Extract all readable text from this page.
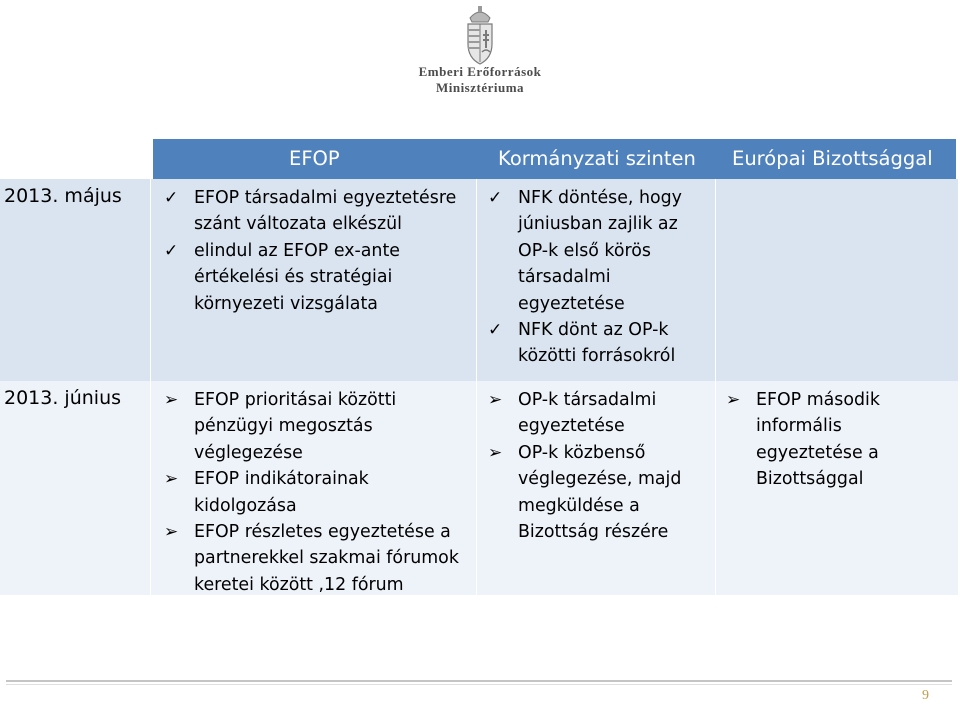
Emberi Erőforrások
Minisztériuma
EFOP	Kormányzati szinten Európai Bizottsággal
2013. május ✓ EFOP társadalmi egyeztetésre szánt változata elkészül
✓ elindul az EFOP ex-ante értékelési és stratégiai környezeti vizsgálata
✓ NFK döntése, hogy júniusban zajlik az OP-k első körös társadalmi egyeztetése
✓ NFK dönt az OP-k közötti forrásokról
2013. június	➢ EFOP prioritásai közötti pénzügyi megosztás véglegezése
➢ EFOP indikátorainak kidolgozása
➢ EFOP részletes egyeztetése a partnerekkel szakmai fórumok keretei között ,12 fórum
➢ OP-k társadalmi egyeztetése
➢ OP-k közbenső véglegezése, majd megküldése a Bizottság részére
➢ EFOP második informális egyeztetése a Bizottsággal
9
